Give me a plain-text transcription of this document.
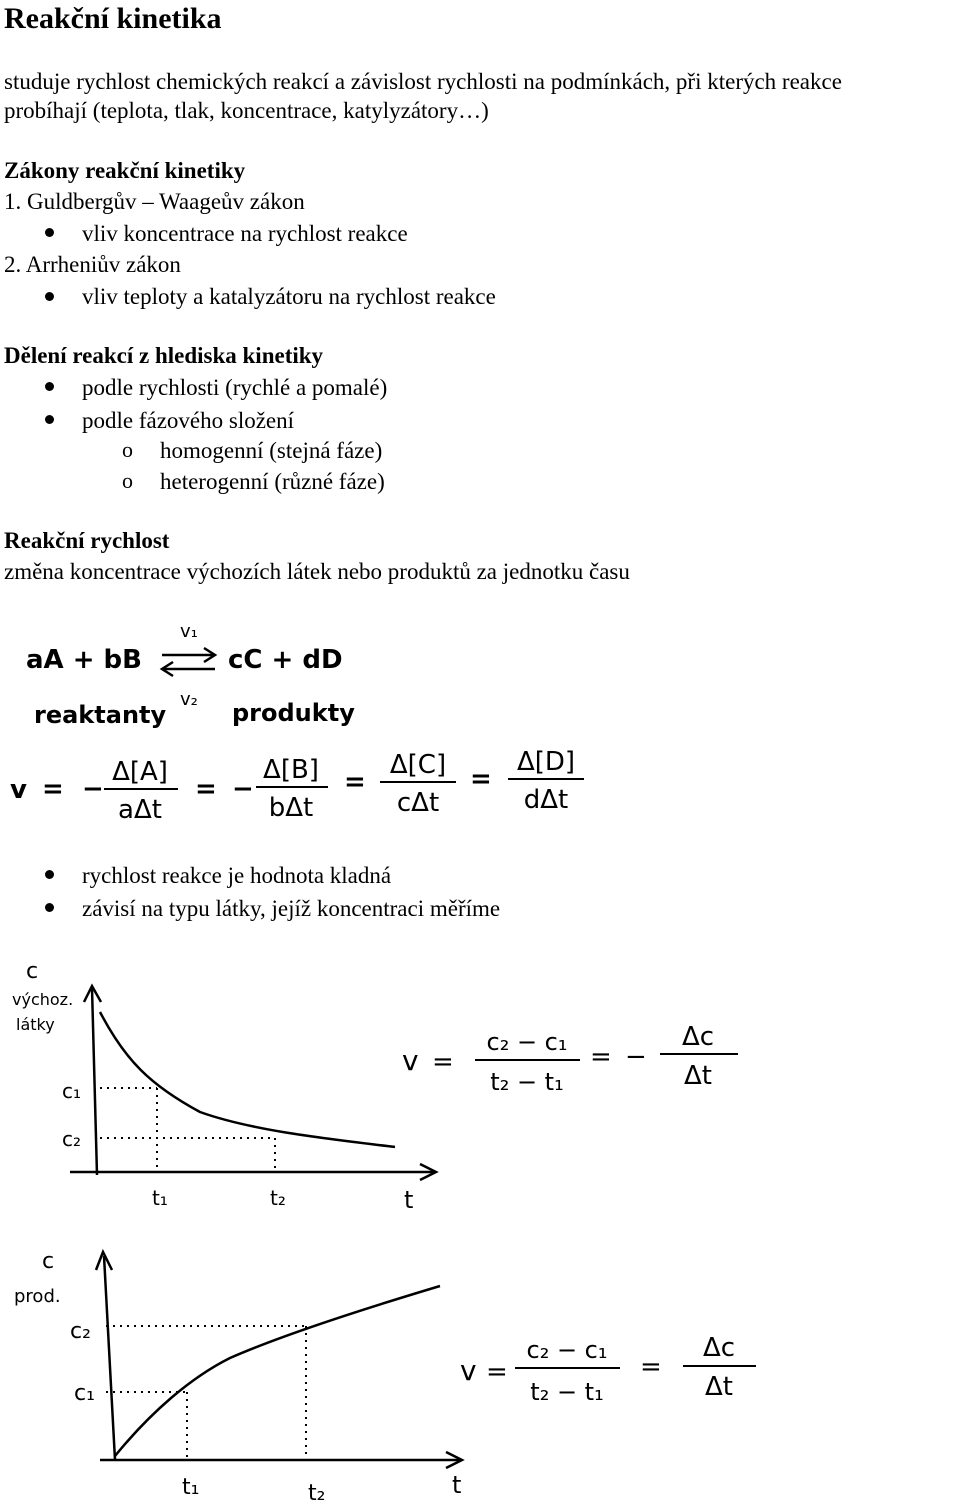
Reakční kinetika
studuje rychlost chemických reakcí a závislost rychlosti na podmínkách, při kterých reakce
probíhají (teplota, tlak, koncentrace, katylyzátory…)
Zákony reakční kinetiky
1. Guldbergův – Waageův zákon
vliv koncentrace na rychlost reakce
2. Arrheniův zákon
vliv teploty a katalyzátoru na rychlost reakce
Dělení reakcí z hlediska kinetiky
podle rychlosti (rychlé a pomalé)
podle fázového složení
o homogenní (stejná fáze)
o heterogenní (různé fáze)
Reakční rychlost
změna koncentrace výchozích látek nebo produktů za jednotku času
aA + bB
v₁
cC + dD
v₂
reaktanty	produkty
v = −
Δ[A]
aΔt
= −
Δ[B]
bΔt
=
Δ[C]
cΔt
=
Δ[D]
dΔt
rychlost reakce je hodnota kladná
závisí na typu látky, jejíž koncentraci měříme
c
výchoz.
látky
c₁
c₂
t₁	t₂	t
v =
c₂ − c₁
t₂ − t₁
= −
Δc
Δt
c
prod.
c₂
c₁
t₁	t₂	t
v =
c₂ − c₁
t₂ − t₁
=
Δc
Δt
